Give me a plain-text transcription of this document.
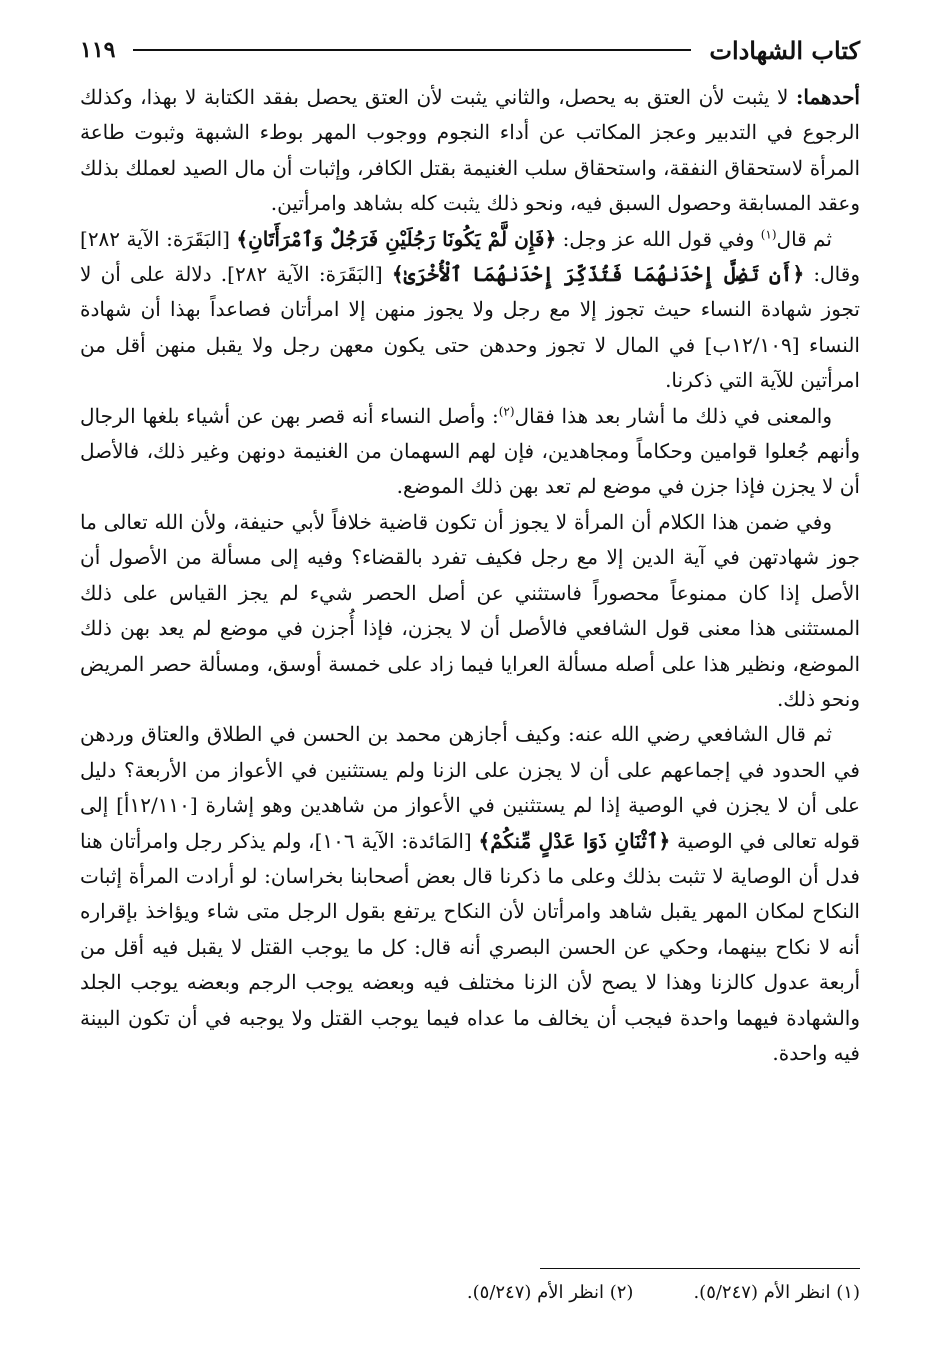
كتاب الشهادات
١١٩

أحدهما: لا يثبت لأن العتق به يحصل، والثاني يثبت لأن العتق يحصل بفقد الكتابة لا بهذا، وكذلك الرجوع في التدبير وعجز المكاتب عن أداء النجوم ووجوب المهر بوطء الشبهة وثبوت طاعة المرأة لاستحقاق النفقة، واستحقاق سلب الغنيمة بقتل الكافر، وإثبات أن مال الصيد لعملك بذلك وعقد المسابقة وحصول السبق فيه، ونحو ذلك يثبت كله بشاهد وامرأتين.

ثم قال$^{(١)}$ وفي قول الله عز وجل: ﴿فَإِن لَّمْ يَكُونَا رَجُلَيْنِ فَرَجُلٌ وَٱمْرَأَتَانِ﴾ [البَقَرَة: الآية ٢٨٢] وقال: ﴿أَن تَضِلَّ إِحْدَىٰهُمَا فَتُذَكِّرَ إِحْدَىٰهُمَا ٱلْأُخْرَىٰ﴾ [البَقَرَة: الآية ٢٨٢]. دلالة على أن لا تجوز شهادة النساء حيث تجوز إلا مع رجل ولا يجوز منهن إلا امرأتان فصاعداً بهذا أن شهادة النساء [١٢/١٠٩ب] في المال لا تجوز وحدهن حتى يكون معهن رجل ولا يقبل منهن أقل من امرأتين للآية التي ذكرنا.

والمعنى في ذلك ما أشار بعد هذا فقال$^{(٢)}$: وأصل النساء أنه قصر بهن عن أشياء بلغها الرجال وأنهم جُعلوا قوامين وحكاماً ومجاهدين، فإن لهم السهمان من الغنيمة دونهن وغير ذلك، فالأصل أن لا يجزن فإذا جزن في موضع لم تعد بهن ذلك الموضع.

وفي ضمن هذا الكلام أن المرأة لا يجوز أن تكون قاضية خلافاً لأبي حنيفة، ولأن الله تعالى ما جوز شهادتهن في آية الدين إلا مع رجل فكيف تفرد بالقضاء؟ وفيه إلى مسألة من الأصول أن الأصل إذا كان ممنوعاً محصوراً فاستثني عن أصل الحصر شيء لم يجز القياس على ذلك المستثنى هذا معنى قول الشافعي فالأصل أن لا يجزن، فإذا أُجزن في موضع لم يعد بهن ذلك الموضع، ونظير هذا على أصله مسألة العرايا فيما زاد على خمسة أوسق، ومسألة حصر المريض ونحو ذلك.

ثم قال الشافعي رضي الله عنه: وكيف أجازهن محمد بن الحسن في الطلاق والعتاق وردهن في الحدود في إجماعهم على أن لا يجزن على الزنا ولم يستثنين في الأعواز من الأربعة؟ دليل على أن لا يجزن في الوصية إذا لم يستثنين في الأعواز من شاهدين وهو إشارة [١٢/١١٠أ] إلى قوله تعالى في الوصية ﴿ٱثْنَانِ ذَوَا عَدْلٍ مِّنكُمْ﴾ [المَائدة: الآية ١٠٦]، ولم يذكر رجل وامرأتان هنا فدل أن الوصاية لا تثبت بذلك وعلى ما ذكرنا قال بعض أصحابنا بخراسان: لو أرادت المرأة إثبات النكاح لمكان المهر يقبل شاهد وامرأتان لأن النكاح يرتفع بقول الرجل متى شاء ويؤاخذ بإقراره أنه لا نكاح بينهما، وحكي عن الحسن البصري أنه قال: كل ما يوجب القتل لا يقبل فيه أقل من أربعة عدول كالزنا وهذا لا يصح لأن الزنا مختلف فيه وبعضه يوجب الرجم وبعضه يوجب الجلد والشهادة فيهما واحدة فيجب أن يخالف ما عداه فيما يوجب القتل ولا يوجبه في أن تكون البينة فيه واحدة.

(١) انظر الأم (٥/٢٤٧).
(٢) انظر الأم (٥/٢٤٧).
